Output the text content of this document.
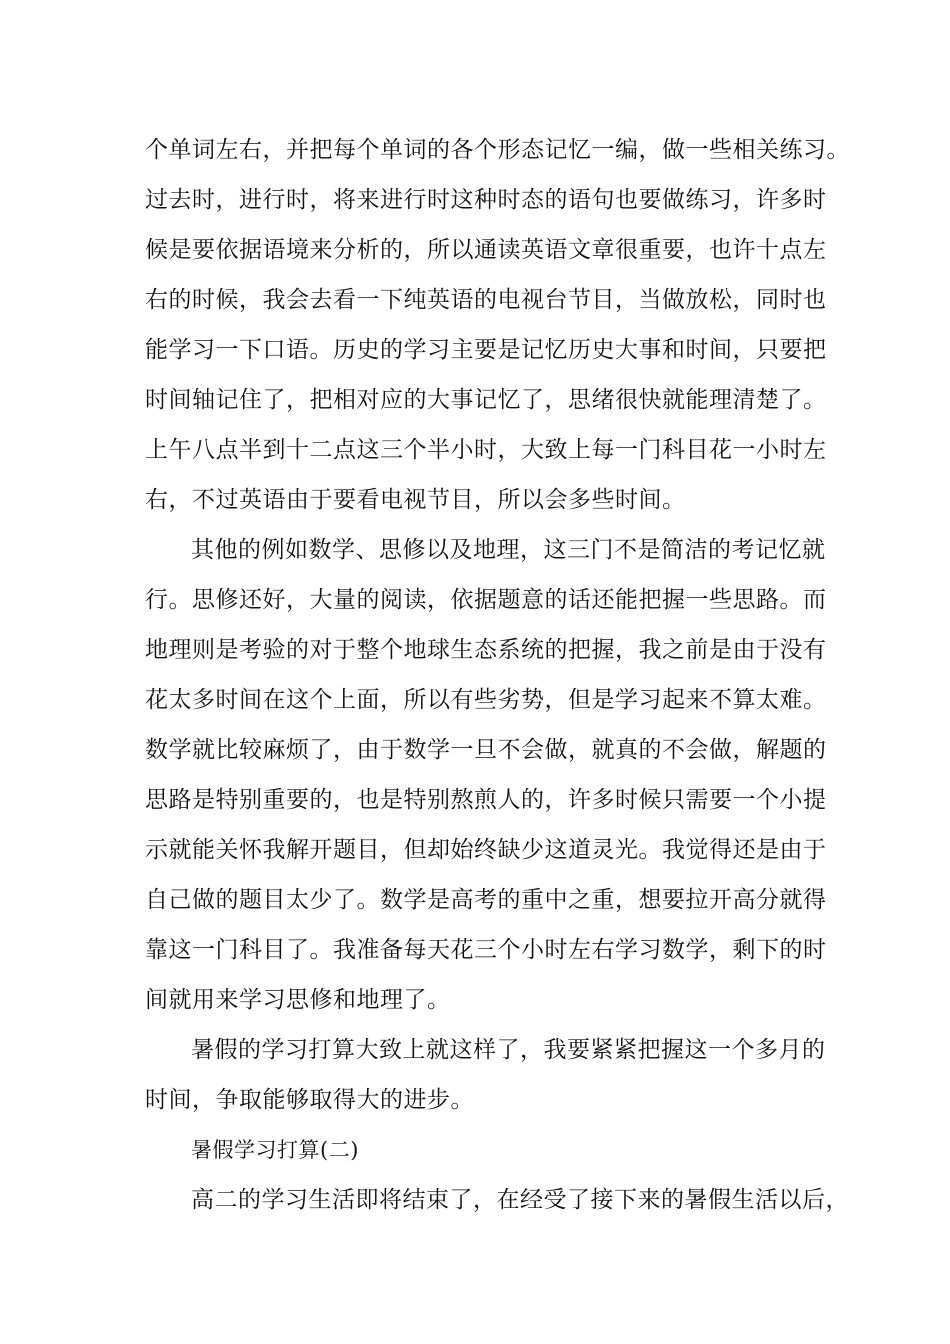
个单词左右，并把每个单词的各个形态记忆一编，做一些相关练习。
过去时，进行时，将来进行时这种时态的语句也要做练习，许多时
候是要依据语境来分析的，所以通读英语文章很重要，也许十点左
右的时候，我会去看一下纯英语的电视台节目，当做放松，同时也
能学习一下口语。历史的学习主要是记忆历史大事和时间，只要把
时间轴记住了，把相对应的大事记忆了，思绪很快就能理清楚了。
上午八点半到十二点这三个半小时，大致上每一门科目花一小时左
右，不过英语由于要看电视节目，所以会多些时间。
其他的例如数学、思修以及地理，这三门不是简洁的考记忆就
行。思修还好，大量的阅读，依据题意的话还能把握一些思路。而
地理则是考验的对于整个地球生态系统的把握，我之前是由于没有
花太多时间在这个上面，所以有些劣势，但是学习起来不算太难。
数学就比较麻烦了，由于数学一旦不会做，就真的不会做，解题的
思路是特别重要的，也是特别熬煎人的，许多时候只需要一个小提
示就能关怀我解开题目，但却始终缺少这道灵光。我觉得还是由于
自己做的题目太少了。数学是高考的重中之重，想要拉开高分就得
靠这一门科目了。我准备每天花三个小时左右学习数学，剩下的时
间就用来学习思修和地理了。
暑假的学习打算大致上就这样了，我要紧紧把握这一个多月的
时间，争取能够取得大的进步。
暑假学习打算(二)
高二的学习生活即将结束了，在经受了接下来的暑假生活以后，
